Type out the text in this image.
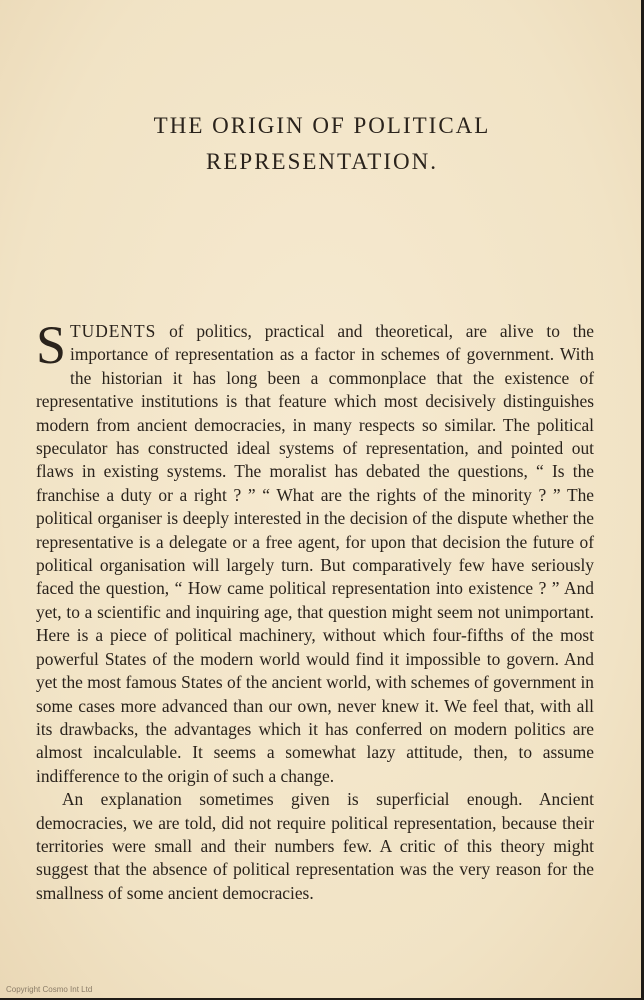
THE ORIGIN OF POLITICAL
REPRESENTATION.

STUDENTS of politics, practical and theoretical, are alive to the importance of representation as a factor in schemes of government. With the historian it has long been a commonplace that the existence of representative institutions is that feature which most decisively distinguishes modern from ancient democracies, in many respects so similar. The political speculator has constructed ideal systems of representation, and pointed out flaws in existing systems. The moralist has debated the questions, “ Is the franchise a duty or a right ? ” “ What are the rights of the minority ? ” The political organiser is deeply interested in the decision of the dispute whether the representative is a delegate or a free agent, for upon that decision the future of political organisation will largely turn. But comparatively few have seriously faced the question, “ How came political representation into existence ? ” And yet, to a scientific and inquiring age, that question might seem not unimportant. Here is a piece of political machinery, without which four-fifths of the most powerful States of the modern world would find it impossible to govern. And yet the most famous States of the ancient world, with schemes of government in some cases more advanced than our own, never knew it. We feel that, with all its drawbacks, the advantages which it has conferred on modern politics are almost incalculable. It seems a somewhat lazy attitude, then, to assume indifference to the origin of such a change.

An explanation sometimes given is superficial enough. Ancient democracies, we are told, did not require political representation, because their territories were small and their numbers few. A critic of this theory might suggest that the absence of political representation was the very reason for the smallness of some ancient democracies.

Copyright Cosmo Int Ltd
